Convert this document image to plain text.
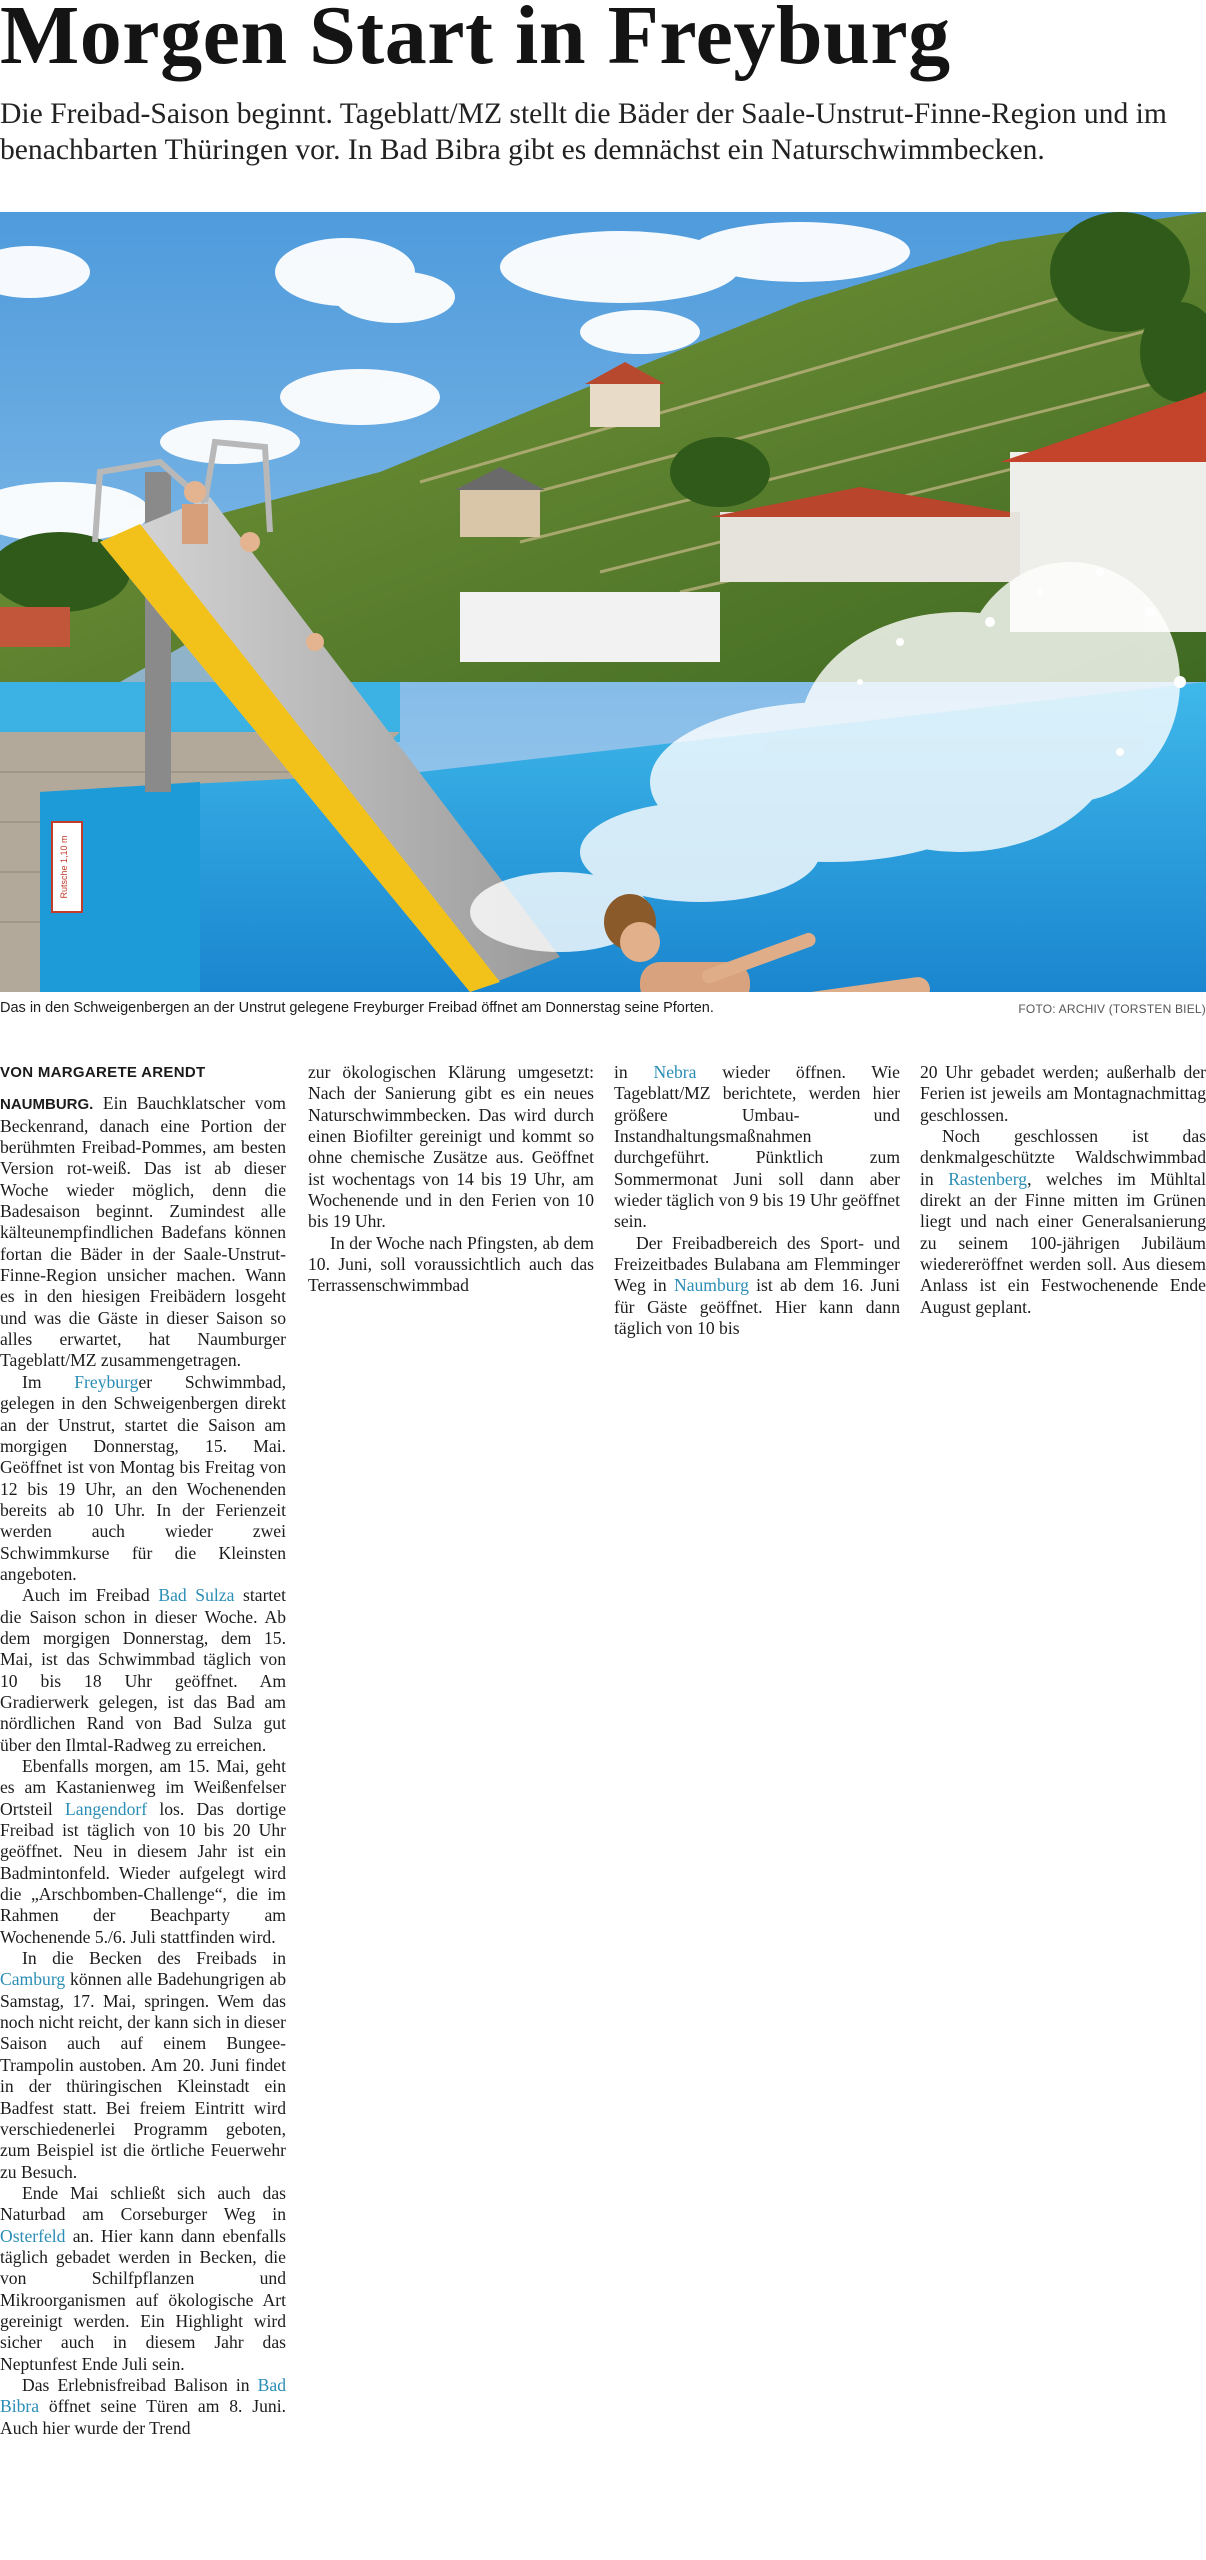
Morgen Start in Freyburg

Die Freibad-Saison beginnt. Tageblatt/MZ stellt die Bäder der Saale-Unstrut-Finne-Region und im benachbarten Thüringen vor. In Bad Bibra gibt es demnächst ein Naturschwimmbecken.

Rutsche 1,10 m
Das in den Schweigenbergen an der Unstrut gelegene Freyburger Freibad öffnet am Donnerstag seine Pforten.	FOTO: ARCHIV (TORSTEN BIEL)
VON MARGARETE ARENDT

NAUMBURG. Ein Bauchklatscher vom Beckenrand, danach eine Portion der berühmten Freibad-Pommes, am besten Version rot-weiß. Das ist ab dieser Woche wieder möglich, denn die Badesaison beginnt. Zumindest alle kälteunempfindlichen Badefans können fortan die Bäder in der Saale-Unstrut-Finne-Region unsicher machen. Wann es in den hiesigen Freibädern losgeht und was die Gäste in dieser Saison so alles erwartet, hat Naumburger Tageblatt/MZ zusammengetragen.

Im Freyburger Schwimmbad, gelegen in den Schweigenbergen direkt an der Unstrut, startet die Saison am morgigen Donnerstag, 15. Mai. Geöffnet ist von Montag bis Freitag von 12 bis 19 Uhr, an den Wochenenden bereits ab 10 Uhr. In der Ferienzeit werden auch wieder zwei Schwimmkurse für die Kleinsten angeboten.

Auch im Freibad Bad Sulza startet die Saison schon in dieser Woche. Ab dem morgigen Donnerstag, dem 15. Mai, ist das Schwimmbad täglich von 10 bis 18 Uhr geöffnet. Am Gradierwerk gelegen, ist das Bad am nördlichen Rand von Bad Sulza gut über den Ilmtal-Radweg zu erreichen.

Ebenfalls morgen, am 15. Mai, geht es am Kastanienweg im Weißenfelser Ortsteil Langendorf los. Das dortige Freibad ist täglich von 10 bis 20 Uhr geöffnet. Neu in diesem Jahr ist ein Badmintonfeld. Wieder aufgelegt wird die „Arschbomben-Challenge“, die im Rahmen der Beachparty am Wochenende 5./6. Juli stattfinden wird.

In die Becken des Freibads in Camburg können alle Badehungrigen ab Samstag, 17. Mai, springen. Wem das noch nicht reicht, der kann sich in dieser Saison auch auf einem Bungee-Trampolin austoben. Am 20. Juni findet in der thüringischen Kleinstadt ein Badfest statt. Bei freiem Eintritt wird verschiedenerlei Programm geboten, zum Beispiel ist die örtliche Feuerwehr zu Besuch.

Ende Mai schließt sich auch das Naturbad am Corseburger Weg in Osterfeld an. Hier kann dann ebenfalls täglich gebadet werden in Becken, die von Schilfpflanzen und Mikroorganismen auf ökologische Art gereinigt werden. Ein Highlight wird sicher auch in diesem Jahr das Neptunfest Ende Juli sein.

Das Erlebnisfreibad Balison in Bad Bibra öffnet seine Türen am 8. Juni. Auch hier wurde der Trend

zur ökologischen Klärung umgesetzt: Nach der Sanierung gibt es ein neues Naturschwimmbecken. Das wird durch einen Biofilter gereinigt und kommt so ohne chemische Zusätze aus. Geöffnet ist wochentags von 14 bis 19 Uhr, am Wochenende und in den Ferien von 10 bis 19 Uhr.

In der Woche nach Pfingsten, ab dem 10. Juni, soll voraussichtlich auch das Terrassenschwimmbad

in Nebra wieder öffnen. Wie Tageblatt/MZ berichtete, werden hier größere Umbau- und Instandhaltungsmaßnahmen durchgeführt. Pünktlich zum Sommermonat Juni soll dann aber wieder täglich von 9 bis 19 Uhr geöffnet sein.

Der Freibadbereich des Sport- und Freizeitbades Bulabana am Flemminger Weg in Naumburg ist ab dem 16. Juni für Gäste geöffnet. Hier kann dann täglich von 10 bis

20 Uhr gebadet werden; außerhalb der Ferien ist jeweils am Montagnachmittag geschlossen.

Noch geschlossen ist das denkmalgeschützte Waldschwimmbad in Rastenberg, welches im Mühltal direkt an der Finne mitten im Grünen liegt und nach einer Generalsanierung zu seinem 100-jährigen Jubiläum wiedereröffnet werden soll. Aus diesem Anlass ist ein Festwochenende Ende August geplant.
